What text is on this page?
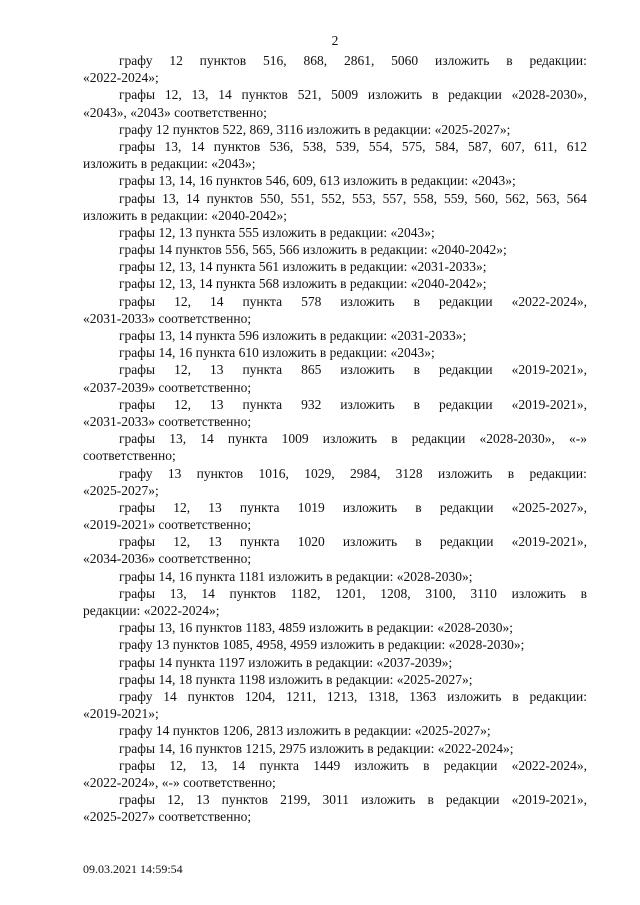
2
графу 12 пунктов 516, 868, 2861, 5060 изложить в редакции:
«2022-2024»;
графы 12, 13, 14 пунктов 521, 5009 изложить в редакции «2028-2030»,
«2043», «2043» соответственно;
графу 12 пунктов 522, 869, 3116 изложить в редакции: «2025-2027»;
графы 13, 14 пунктов 536, 538, 539, 554, 575, 584, 587, 607, 611, 612
изложить в редакции: «2043»;
графы 13, 14, 16 пунктов 546, 609, 613 изложить в редакции: «2043»;
графы 13, 14 пунктов 550, 551, 552, 553, 557, 558, 559, 560, 562, 563, 564
изложить в редакции: «2040-2042»;
графы 12, 13 пункта 555 изложить в редакции: «2043»;
графы 14 пунктов 556, 565, 566 изложить в редакции: «2040-2042»;
графы 12, 13, 14 пункта 561 изложить в редакции: «2031-2033»;
графы 12, 13, 14 пункта 568 изложить в редакции: «2040-2042»;
графы 12, 14 пункта 578 изложить в редакции «2022-2024»,
«2031-2033» соответственно;
графы 13, 14 пункта 596 изложить в редакции: «2031-2033»;
графы 14, 16 пункта 610 изложить в редакции: «2043»;
графы 12, 13 пункта 865 изложить в редакции «2019-2021»,
«2037-2039» соответственно;
графы 12, 13 пункта 932 изложить в редакции «2019-2021»,
«2031-2033» соответственно;
графы 13, 14 пункта 1009 изложить в редакции «2028-2030», «-»
соответственно;
графу 13 пунктов 1016, 1029, 2984, 3128 изложить в редакции:
«2025-2027»;
графы 12, 13 пункта 1019 изложить в редакции «2025-2027»,
«2019-2021» соответственно;
графы 12, 13 пункта 1020 изложить в редакции «2019-2021»,
«2034-2036» соответственно;
графы 14, 16 пункта 1181 изложить в редакции: «2028-2030»;
графы 13, 14 пунктов 1182, 1201, 1208, 3100, 3110 изложить в
редакции: «2022-2024»;
графы 13, 16 пунктов 1183, 4859 изложить в редакции: «2028-2030»;
графу 13 пунктов 1085, 4958, 4959 изложить в редакции: «2028-2030»;
графы 14 пункта 1197 изложить в редакции: «2037-2039»;
графы 14, 18 пункта 1198 изложить в редакции: «2025-2027»;
графу 14 пунктов 1204, 1211, 1213, 1318, 1363 изложить в редакции:
«2019-2021»;
графу 14 пунктов 1206, 2813 изложить в редакции: «2025-2027»;
графы 14, 16 пунктов 1215, 2975 изложить в редакции: «2022-2024»;
графы 12, 13, 14 пункта 1449 изложить в редакции «2022-2024»,
«2022-2024», «-» соответственно;
графы 12, 13 пунктов 2199, 3011 изложить в редакции «2019-2021»,
«2025-2027» соответственно;
09.03.2021 14:59:54
